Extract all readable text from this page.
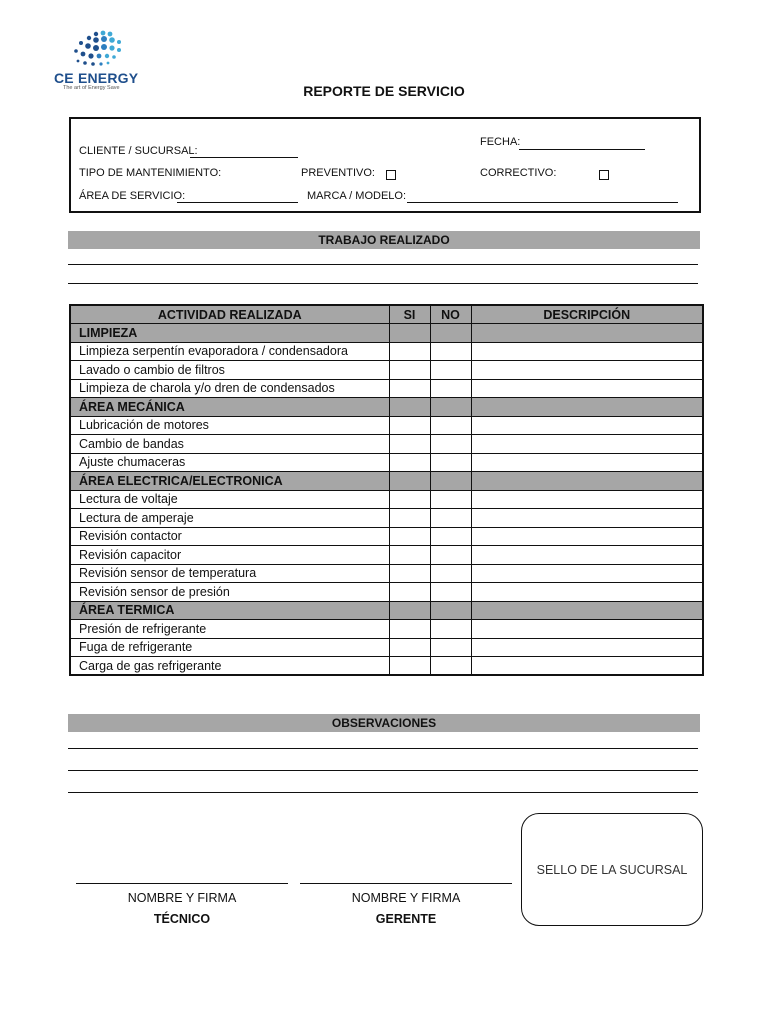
CE ENERGY
The art of Energy Save	REPORTE DE SERVICIO
CLIENTE / SUCURSAL:
FECHA:
TIPO DE MANTENIMIENTO:	PREVENTIVO:	CORRECTIVO:
ÁREA DE SERVICIO:	MARCA / MODELO:
TRABAJO REALIZADO
ACTIVIDAD REALIZADA	SI	NO	DESCRIPCIÓN
LIMPIEZA			
Limpieza serpentín evaporadora / condensadora			
Lavado o cambio de filtros			
Limpieza de charola y/o dren de condensados			
ÁREA MECÁNICA			
Lubricación de motores			
Cambio de bandas			
Ajuste chumaceras			
ÁREA ELECTRICA/ELECTRONICA			
Lectura de voltaje			
Lectura de amperaje			
Revisión contactor			
Revisión capacitor			
Revisión sensor de temperatura			
Revisión sensor de presión			
ÁREA TERMICA			
Presión de refrigerante			
Fuga de refrigerante			
Carga de gas refrigerante			
OBSERVACIONES
NOMBRE Y FIRMA
TÉCNICO
NOMBRE Y FIRMA
GERENTE
SELLO DE LA SUCURSAL
